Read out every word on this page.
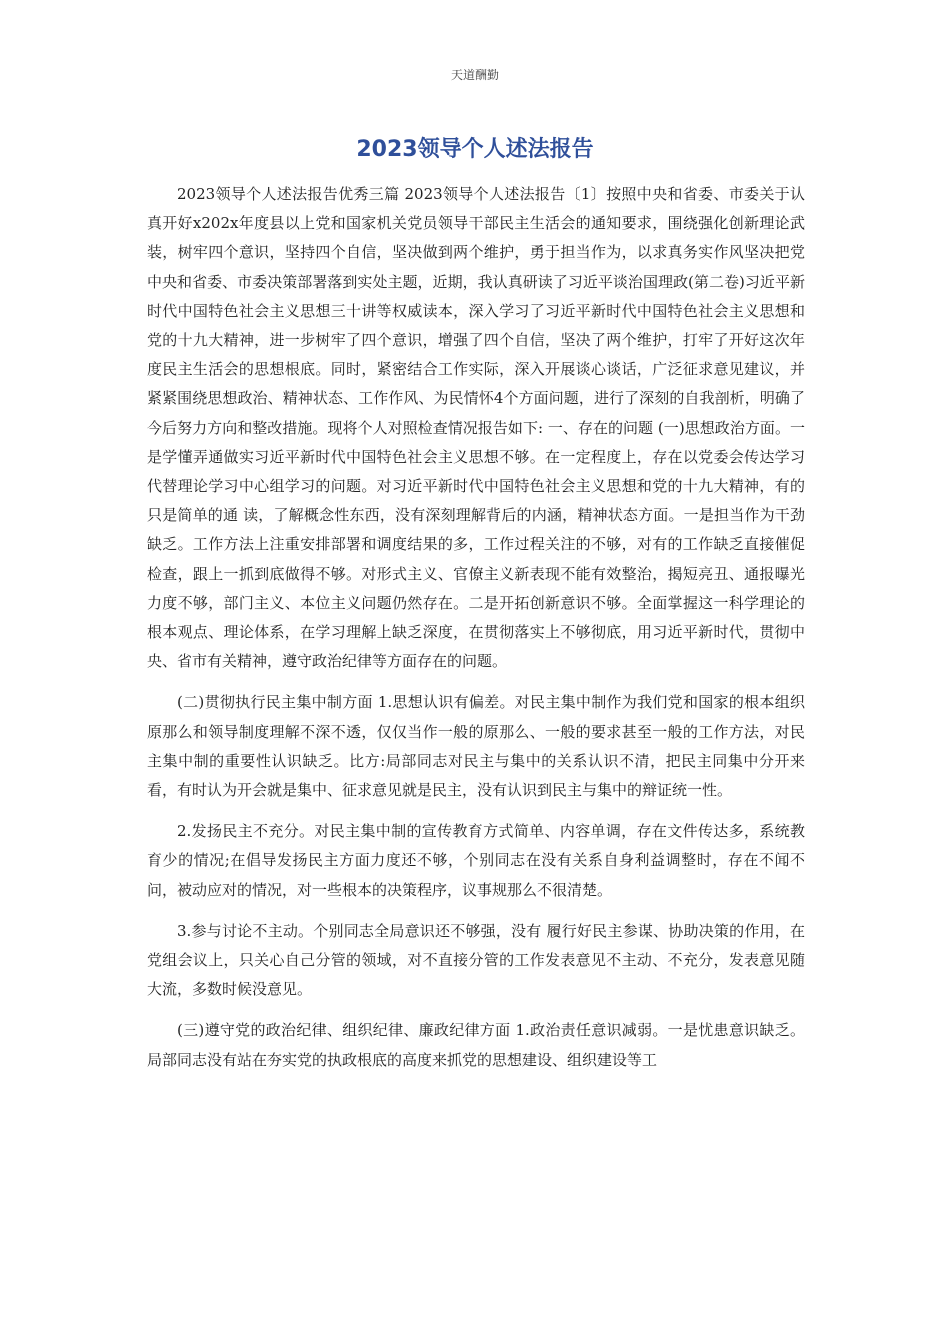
天道酬勤
2023领导个人述法报告

2023领导个人述法报告优秀三篇 2023领导个人述法报告〔1〕按照中央和省委、市委关于认真开好x202x年度县以上党和国家机关党员领导干部民主生活会的通知要求，围绕强化创新理论武装，树牢四个意识，坚持四个自信，坚决做到两个维护，勇于担当作为，以求真务实作风坚决把党中央和省委、市委决策部署落到实处主题，近期，我认真研读了习近平谈治国理政(第二卷)习近平新时代中国特色社会主义思想三十讲等权威读本，深入学习了习近平新时代中国特色社会主义思想和党的十九大精神，进一步树牢了四个意识，增强了四个自信，坚决了两个维护，打牢了开好这次年度民主生活会的思想根底。同时，紧密结合工作实际，深入开展谈心谈话，广泛征求意见建议，并紧紧围绕思想政治、精神状态、工作作风、为民情怀4个方面问题，进行了深刻的自我剖析，明确了今后努力方向和整改措施。现将个人对照检查情况报告如下: 一、存在的问题 (一)思想政治方面。一是学懂弄通做实习近平新时代中国特色社会主义思想不够。在一定程度上，存在以党委会传达学习代替理论学习中心组学习的问题。对习近平新时代中国特色社会主义思想和党的十九大精神，有的只是简单的通 读，了解概念性东西，没有深刻理解背后的内涵，精神状态方面。一是担当作为干劲缺乏。工作方法上注重安排部署和调度结果的多，工作过程关注的不够，对有的工作缺乏直接催促检查，跟上一抓到底做得不够。对形式主义、官僚主义新表现不能有效整治，揭短亮丑、通报曝光力度不够，部门主义、本位主义问题仍然存在。二是开拓创新意识不够。全面掌握这一科学理论的根本观点、理论体系，在学习理解上缺乏深度，在贯彻落实上不够彻底，用习近平新时代，贯彻中央、省市有关精神，遵守政治纪律等方面存在的问题。

(二)贯彻执行民主集中制方面 1.思想认识有偏差。对民主集中制作为我们党和国家的根本组织原那么和领导制度理解不深不透，仅仅当作一般的原那么、一般的要求甚至一般的工作方法，对民主集中制的重要性认识缺乏。比方:局部同志对民主与集中的关系认识不清，把民主同集中分开来看，有时认为开会就是集中、征求意见就是民主，没有认识到民主与集中的辩证统一性。

2.发扬民主不充分。对民主集中制的宣传教育方式简单、内容单调，存在文件传达多，系统教育少的情况;在倡导发扬民主方面力度还不够，个别同志在没有关系自身利益调整时，存在不闻不问，被动应对的情况，对一些根本的决策程序，议事规那么不很清楚。

3.参与讨论不主动。个别同志全局意识还不够强，没有 履行好民主参谋、协助决策的作用，在党组会议上，只关心自己分管的领域，对不直接分管的工作发表意见不主动、不充分，发表意见随大流，多数时候没意见。

(三)遵守党的政治纪律、组织纪律、廉政纪律方面 1.政治责任意识减弱。一是忧患意识缺乏。局部同志没有站在夯实党的执政根底的高度来抓党的思想建设、组织建设等工
